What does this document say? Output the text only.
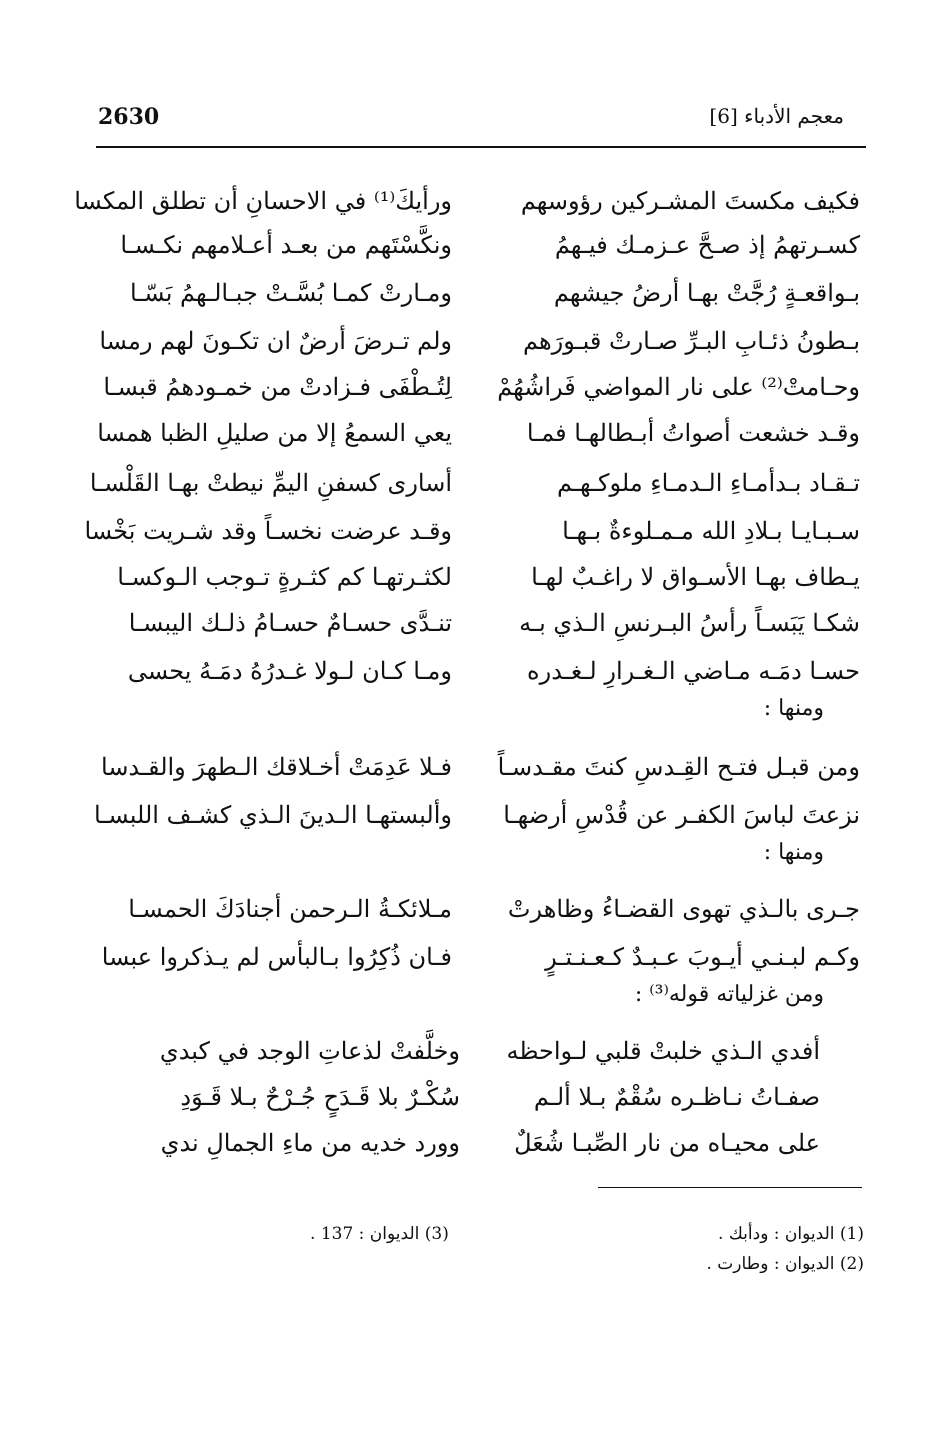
2630	معجم الأدباء [6]
فكيف مكستَ المشـركين رؤوسهم
ورأيكَ⁽¹⁾ في الاحسانِ أن تطلق المكسا
كسـرتهمُ إذ صـحَّ عـزمـك فيـهمُ
ونكَّسْتَهم من بعـد أعـلامهم نكـسـا
بـواقعـةٍ رُجَّتْ بهـا أرضُ جيشهم
ومـارتْ كمـا بُسَّـتْ جبـالـهمُ بَسّـا
بـطونُ ذئـابِ البـرِّ صـارتْ قبـورَهم
ولم تـرضَ أرضٌ ان تكـونَ لهم رمسا
وحـامتْ⁽²⁾ على نار المواضي فَراشُهُمْ
لِتُـطْفَى فـزادتْ من خمـودهمُ قبسـا
وقـد خشعت أصواتُ أبـطالهـا فمـا
يعي السمعُ إلا من صليلِ الظبا همسا
تـقـاد بـدأمـاءِ الـدمـاءِ ملوكـهـم
أسارى كسفنِ اليمِّ نيطتْ بهـا القَلْسـا
سـبـايـا بـلادِ الله مـمـلوءةٌ بـهـا
وقـد عرضت نخسـاً وقد شـريت بَخْسا
يـطاف بهـا الأسـواق لا راغـبٌ لهـا
لكثـرتهـا كم كثـرةٍ تـوجب الـوكسـا
شكـا يَبَسـاً رأسُ البـرنسِ الـذي بـه
تنـدَّى حسـامٌ حسـامُ ذلـك اليبسـا
حسـا دمَـه مـاضي الـغـرارِ لـغـدره
ومـا كـان لـولا غـدرُهُ دمَـهُ يحسى
ومنها :
ومن قبـل فتـح القِـدسِ كنتَ مقـدسـاً
فـلا عَدِمَتْ أخـلاقك الـطهرَ والقـدسا
نزعتَ لباسَ الكفـر عن قُدْسِ أرضهـا
وألبستهـا الـدينَ الـذي كشـف اللبسـا
ومنها :
جـرى بالـذي تهوى القضـاءُ وظاهرتْ
مـلائكـةُ الـرحمن أجنادَكَ الحمسـا
وكـم لبـنـي أيـوبَ عـبـدٌ كـعـنـتـرٍ
فـان ذُكِرُوا بـالبأس لم يـذكروا عبسا
ومن غزلياته قوله⁽³⁾ :
أفدي الـذي خلبتْ قلبي لـواحظه
وخلَّفتْ لذعاتِ الوجد في كبدي
صفـاتُ نـاظـره سُقْمٌ بـلا ألـم
سُكْـرٌ بلا قَـدَحٍ جُـرْحٌ بـلا قَـوَدِ
على محيـاه من نار الصِّبـا شُعَلٌ
وورد خديه من ماءِ الجمالِ ندي
(1) الديوان : ودأبك .
(2) الديوان : وطارت .
(3) الديوان : 137 .
